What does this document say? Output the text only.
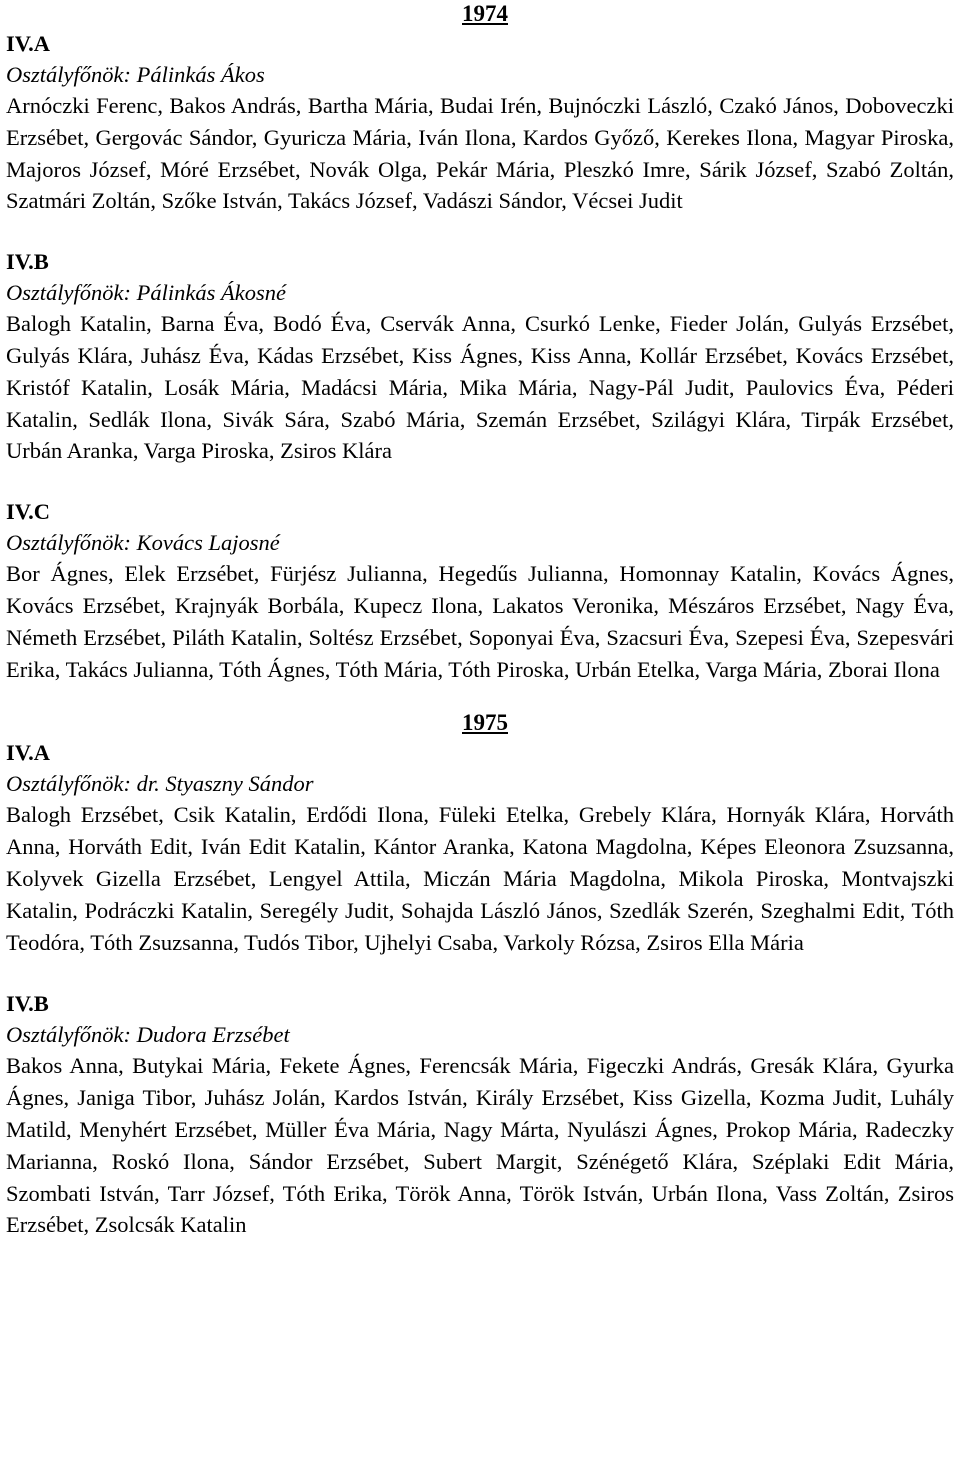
1974
IV.A
Osztályfőnök: Pálinkás Ákos

Arnóczki Ferenc, Bakos András, Bartha Mária, Budai Irén, Bujnóczki László, Czakó János, Doboveczki Erzsébet, Gergovác Sándor, Gyuricza Mária, Iván Ilona, Kardos Győző, Kerekes Ilona, Magyar Piroska, Majoros József, Móré Erzsébet, Novák Olga, Pekár Mária, Pleszkó Imre, Sárik József, Szabó Zoltán, Szatmári Zoltán, Szőke István, Takács József, Vadászi Sándor, Vécsei Judit

IV.B
Osztályfőnök: Pálinkás Ákosné

Balogh Katalin, Barna Éva, Bodó Éva, Cservák Anna, Csurkó Lenke, Fieder Jolán, Gulyás Erzsébet, Gulyás Klára, Juhász Éva, Kádas Erzsébet, Kiss Ágnes, Kiss Anna, Kollár Erzsébet, Kovács Erzsébet, Kristóf Katalin, Losák Mária, Madácsi Mária, Mika Mária, Nagy-Pál Judit, Paulovics Éva, Péderi Katalin, Sedlák Ilona, Sivák Sára, Szabó Mária, Szemán Erzsébet, Szilágyi Klára, Tirpák Erzsébet, Urbán Aranka, Varga Piroska, Zsiros Klára

IV.C
Osztályfőnök: Kovács Lajosné

Bor Ágnes, Elek Erzsébet, Fürjész Julianna, Hegedűs Julianna, Homonnay Katalin, Kovács Ágnes, Kovács Erzsébet, Krajnyák Borbála, Kupecz Ilona, Lakatos Veronika, Mészáros Erzsébet, Nagy Éva, Németh Erzsébet, Piláth Katalin, Soltész Erzsébet, Soponyai Éva, Szacsuri Éva, Szepesi Éva, Szepesvári Erika, Takács Julianna, Tóth Ágnes, Tóth Mária, Tóth Piroska, Urbán Etelka, Varga Mária, Zborai Ilona

1975
IV.A
Osztályfőnök: dr. Styaszny Sándor

Balogh Erzsébet, Csik Katalin, Erdődi Ilona, Füleki Etelka, Grebely Klára, Hornyák Klára, Horváth Anna, Horváth Edit, Iván Edit Katalin, Kántor Aranka, Katona Magdolna, Képes Eleonora Zsuzsanna, Kolyvek Gizella Erzsébet, Lengyel Attila, Miczán Mária Magdolna, Mikola Piroska, Montvajszki Katalin, Podráczki Katalin, Seregély Judit, Sohajda László János, Szedlák Szerén, Szeghalmi Edit, Tóth Teodóra, Tóth Zsuzsanna, Tudós Tibor, Ujhelyi Csaba, Varkoly Rózsa, Zsiros Ella Mária

IV.B
Osztályfőnök: Dudora Erzsébet

Bakos Anna, Butykai Mária, Fekete Ágnes, Ferencsák Mária, Figeczki András, Gresák Klára, Gyurka Ágnes, Janiga Tibor, Juhász Jolán, Kardos István, Király Erzsébet, Kiss Gizella, Kozma Judit, Luhály Matild, Menyhért Erzsébet, Müller Éva Mária, Nagy Márta, Nyulászi Ágnes, Prokop Mária, Radeczky Marianna, Roskó Ilona, Sándor Erzsébet, Subert Margit, Szénégető Klára, Széplaki Edit Mária, Szombati István, Tarr József, Tóth Erika, Török Anna, Török István, Urbán Ilona, Vass Zoltán, Zsiros Erzsébet, Zsolcsák Katalin
